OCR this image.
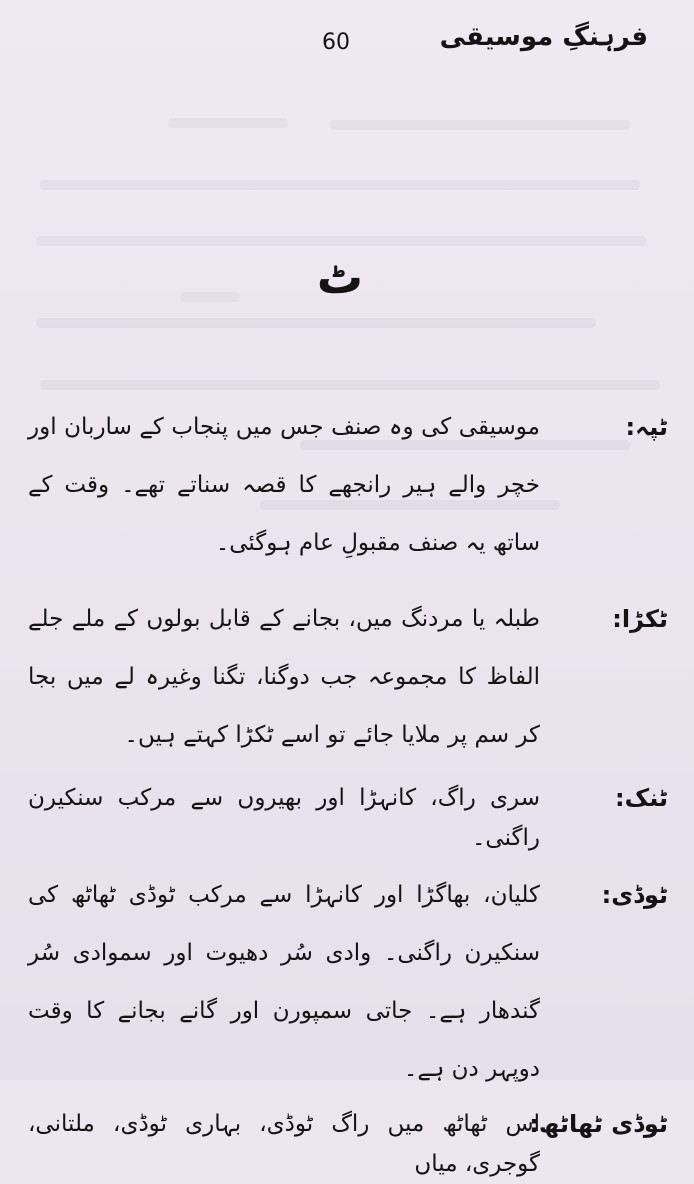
60	فرہنگِ موسیقی
ٹ
ٹپہ:

موسیقی کی وہ صنف جس میں پنجاب کے ساربان اور خچر والے ہیر رانجھے کا قصہ سناتے تھے۔ وقت کے ساتھ یہ صنف مقبولِ عام ہوگئی۔

ٹکڑا:

طبلہ یا مردنگ میں، بجانے کے قابل بولوں کے ملے جلے الفاظ کا مجموعہ جب دوگنا، تگنا وغیرہ لے میں بجا کر سم پر ملایا جائے تو اسے ٹکڑا کہتے ہیں۔

ٹنک:

سری راگ، کانہڑا اور بھیروں سے مرکب سنکیرن راگنی۔

ٹوڈی:

کلیان، بھاگڑا اور کانہڑا سے مرکب ٹوڈی ٹھاٹھ کی سنکیرن راگنی۔ وادی سُر دھیوت اور سموادی سُر گندھار ہے۔ جاتی سمپورن اور گانے بجانے کا وقت دوپہر دن ہے۔

ٹوڈی ٹھاٹھ:

اس ٹھاٹھ میں راگ ٹوڈی، بہاری ٹوڈی، ملتانی، گوجری، میاں
